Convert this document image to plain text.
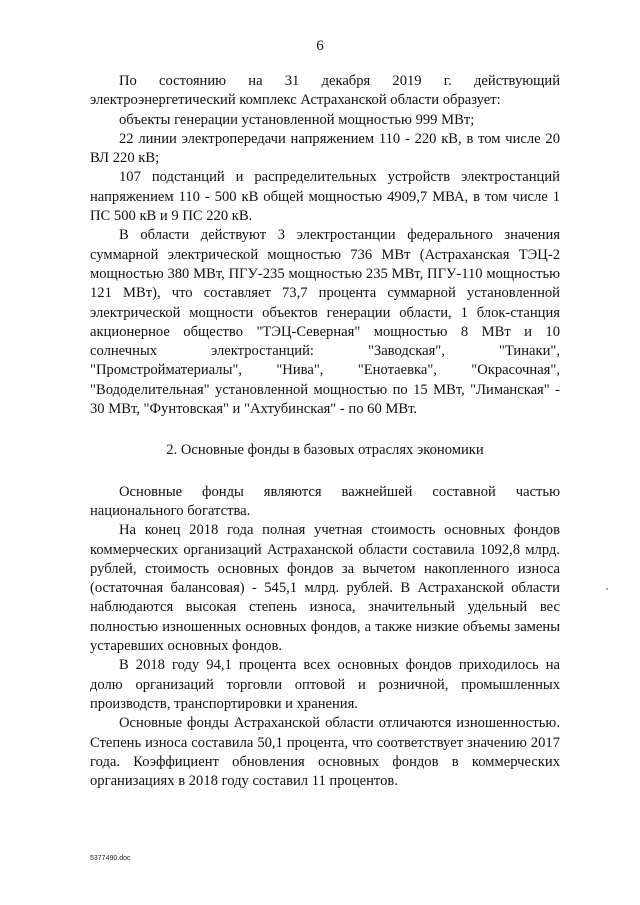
6

По состоянию на 31 декабря 2019 г. действующий электроэнергетический комплекс Астраханской области образует:

объекты генерации установленной мощностью 999 МВт;

22 линии электропередачи напряжением 110 - 220 кВ, в том числе 20 ВЛ 220 кВ;

107 подстанций и распределительных устройств электростанций напряжением 110 - 500 кВ общей мощностью 4909,7 МВА, в том числе 1 ПС 500 кВ и 9 ПС 220 кВ.

В области действуют 3 электростанции федерального значения суммарной электрической мощностью 736 МВт (Астраханская ТЭЦ-2 мощностью 380 МВт, ПГУ-235 мощностью 235 МВт, ПГУ-110 мощностью 121 МВт), что составляет 73,7 процента суммарной установленной электрической мощности объектов генерации области, 1 блок-станция акционерное общество "ТЭЦ-Северная" мощностью 8 МВт и 10 солнечных электростанций: "Заводская", "Тинаки", "Промстройматериалы", "Нива", "Енотаевка", "Окрасочная", "Вододелительная" установленной мощностью по 15 МВт, "Лиманская" - 30 МВт, "Фунтовская" и "Ахтубинская" - по 60 МВт.

2. Основные фонды в базовых отраслях экономики

Основные фонды являются важнейшей составной частью национального богатства.

На конец 2018 года полная учетная стоимость основных фондов коммерческих организаций Астраханской области составила 1092,8 млрд. рублей, стоимость основных фондов за вычетом накопленного износа (остаточная балансовая) - 545,1 млрд. рублей. В Астраханской области наблюдаются высокая степень износа, значительный удельный вес полностью изношенных основных фондов, а также низкие объемы замены устаревших основных фондов.

В 2018 году 94,1 процента всех основных фондов приходилось на долю организаций торговли оптовой и розничной, промышленных производств, транспортировки и хранения.

Основные фонды Астраханской области отличаются изношенностью. Степень износа составила 50,1 процента, что соответствует значению 2017 года. Коэффициент обновления основных фондов в коммерческих организациях в 2018 году составил 11 процентов.

5377490.doc
